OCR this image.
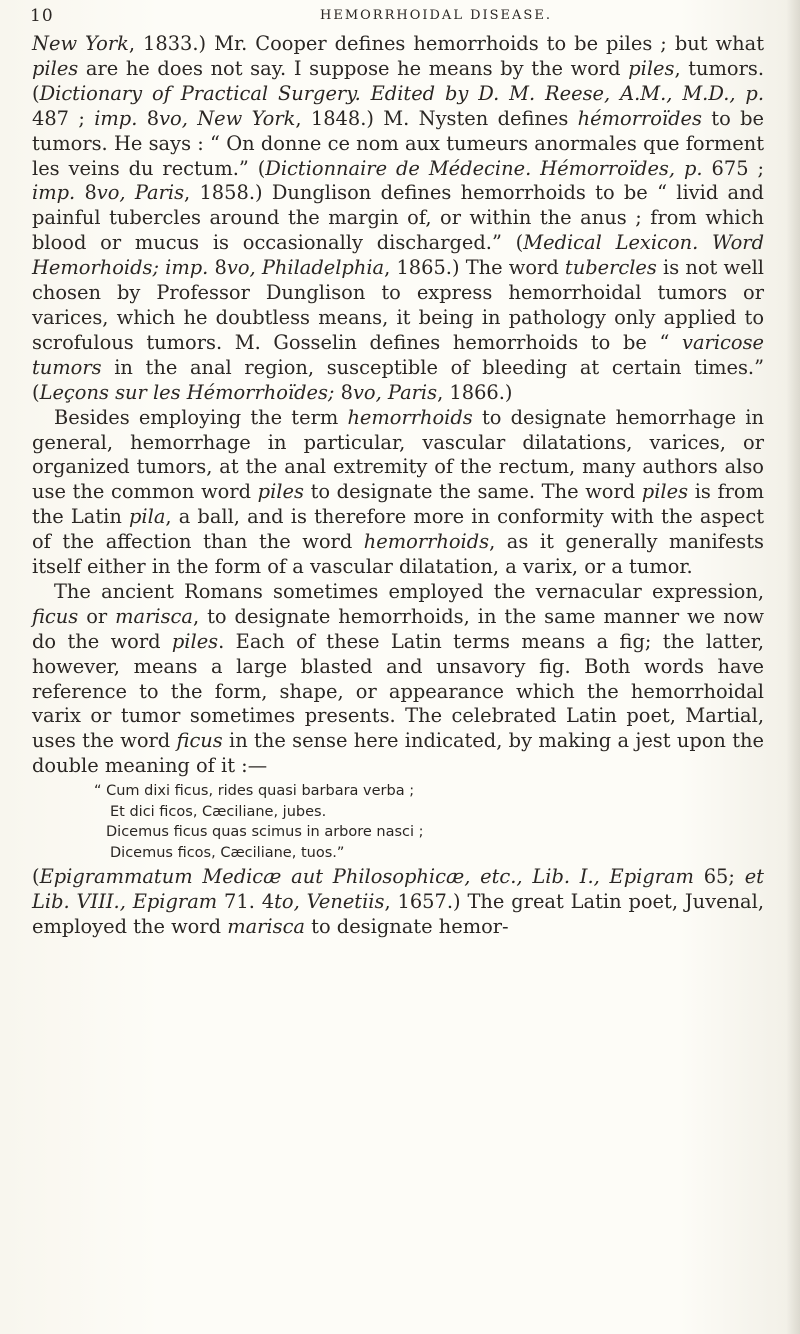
10	HEMORRHOIDAL DISEASE.

New York, 1833.) Mr. Cooper defines hemorrhoids to be piles ; but what piles are he does not say. I suppose he means by the word piles, tumors. (Dictionary of Practical Surgery. Edited by D. M. Reese, A.M., M.D., p. 487 ; imp. 8vo, New York, 1848.) M. Nysten defines hémorroïdes to be tumors. He says : “ On donne ce nom aux tumeurs anormales que forment les veins du rectum.” (Dictionnaire de Médecine. Hémorroïdes, p. 675 ; imp. 8vo, Paris, 1858.) Dunglison defines hemorrhoids to be “ livid and painful tubercles around the margin of, or within the anus ; from which blood or mucus is occasionally discharged.” (Medical Lexicon. Word Hemorhoids; imp. 8vo, Philadelphia, 1865.) The word tubercles is not well chosen by Professor Dunglison to express hemorrhoidal tumors or varices, which he doubtless means, it being in pathology only applied to scrofulous tumors. M. Gosselin defines hemorrhoids to be “ varicose tumors in the anal region, susceptible of bleeding at certain times.” (Leçons sur les Hémorrhoïdes; 8vo, Paris, 1866.)

Besides employing the term hemorrhoids to designate hemorrhage in general, hemorrhage in particular, vascular dilatations, varices, or organized tumors, at the anal extremity of the rectum, many authors also use the common word piles to designate the same. The word piles is from the Latin pila, a ball, and is therefore more in conformity with the aspect of the affection than the word hemorrhoids, as it generally manifests itself either in the form of a vascular dilatation, a varix, or a tumor.

The ancient Romans sometimes employed the vernacular expression, ficus or marisca, to designate hemorrhoids, in the same manner we now do the word piles. Each of these Latin terms means a fig; the latter, however, means a large blasted and unsavory fig. Both words have reference to the form, shape, or appearance which the hemorrhoidal varix or tumor sometimes presents. The celebrated Latin poet, Martial, uses the word ficus in the sense here indicated, by making a jest upon the double meaning of it :—

“ Cum dixi ficus, rides quasi barbara verba ;
Et dici ficos, Cæciliane, jubes.
Dicemus ficus quas scimus in arbore nasci ;
Dicemus ficos, Cæciliane, tuos.”

(Epigrammatum Medicæ aut Philosophicæ, etc., Lib. I., Epigram 65; et Lib. VIII., Epigram 71. 4to, Venetiis, 1657.) The great Latin poet, Juvenal, employed the word marisca to designate hemor-
